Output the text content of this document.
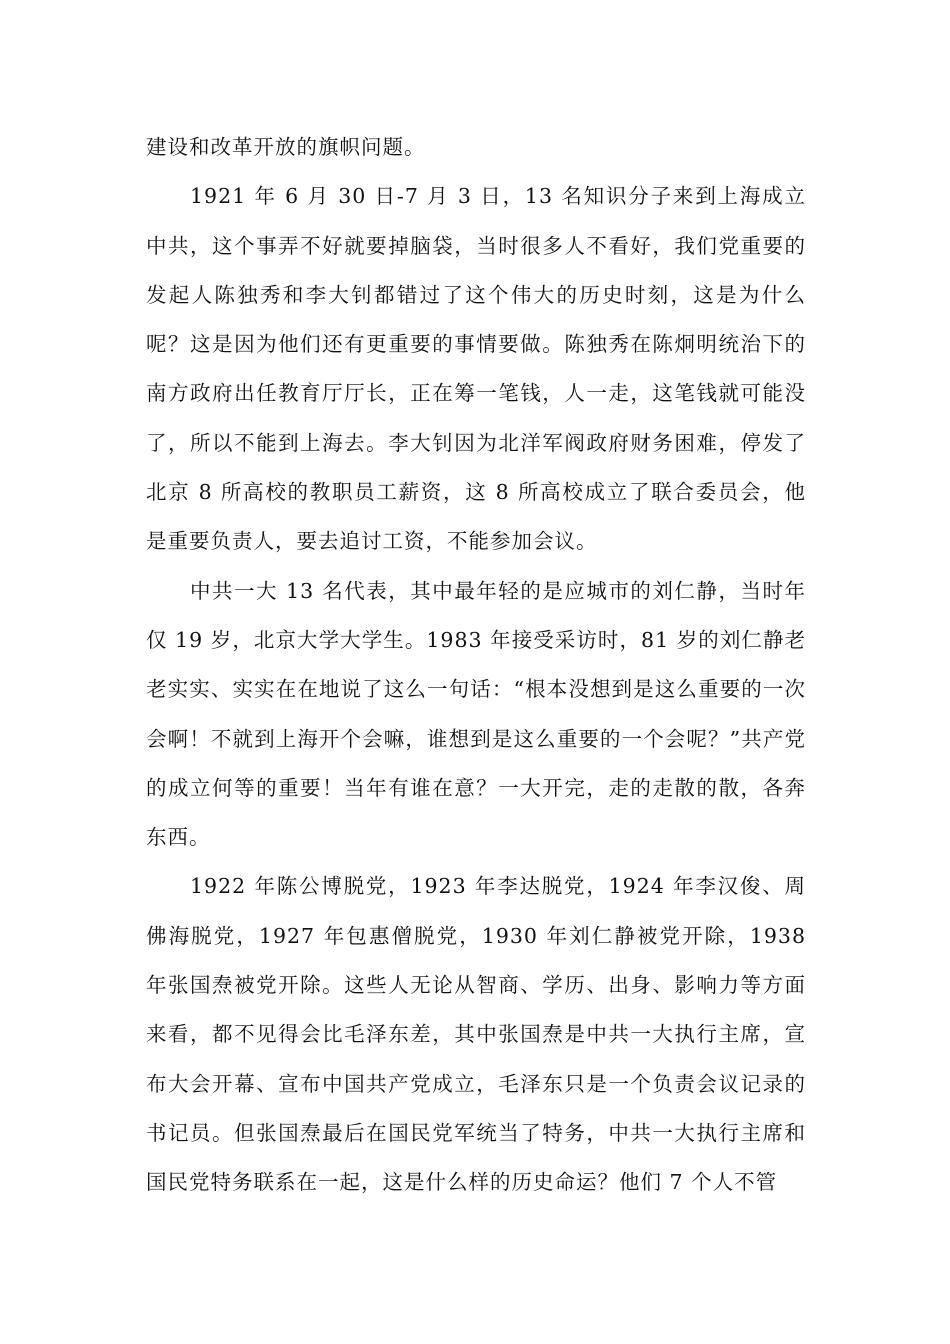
建设和改革开放的旗帜问题。

1921 年 6 月 30 日-7 月 3 日，13 名知识分子来到上海成立中共，这个事弄不好就要掉脑袋，当时很多人不看好，我们党重要的发起人陈独秀和李大钊都错过了这个伟大的历史时刻，这是为什么呢？这是因为他们还有更重要的事情要做。陈独秀在陈炯明统治下的南方政府出任教育厅厅长，正在筹一笔钱，人一走，这笔钱就可能没了，所以不能到上海去。李大钊因为北洋军阀政府财务困难，停发了北京 8 所高校的教职员工薪资，这 8 所高校成立了联合委员会，他是重要负责人，要去追讨工资，不能参加会议。

中共一大 13 名代表，其中最年轻的是应城市的刘仁静，当时年仅 19 岁，北京大学大学生。1983 年接受采访时，81 岁的刘仁静老老实实、实实在在地说了这么一句话：“根本没想到是这么重要的一次会啊！不就到上海开个会嘛，谁想到是这么重要的一个会呢？”共产党的成立何等的重要！当年有谁在意？一大开完，走的走散的散，各奔东西。

1922 年陈公博脱党，1923 年李达脱党，1924 年李汉俊、周佛海脱党，1927 年包惠僧脱党，1930 年刘仁静被党开除，1938 年张国焘被党开除。这些人无论从智商、学历、出身、影响力等方面来看，都不见得会比毛泽东差，其中张国焘是中共一大执行主席，宣布大会开幕、宣布中国共产党成立，毛泽东只是一个负责会议记录的书记员。但张国焘最后在国民党军统当了特务，中共一大执行主席和国民党特务联系在一起，这是什么样的历史命运？他们 7 个人不管
